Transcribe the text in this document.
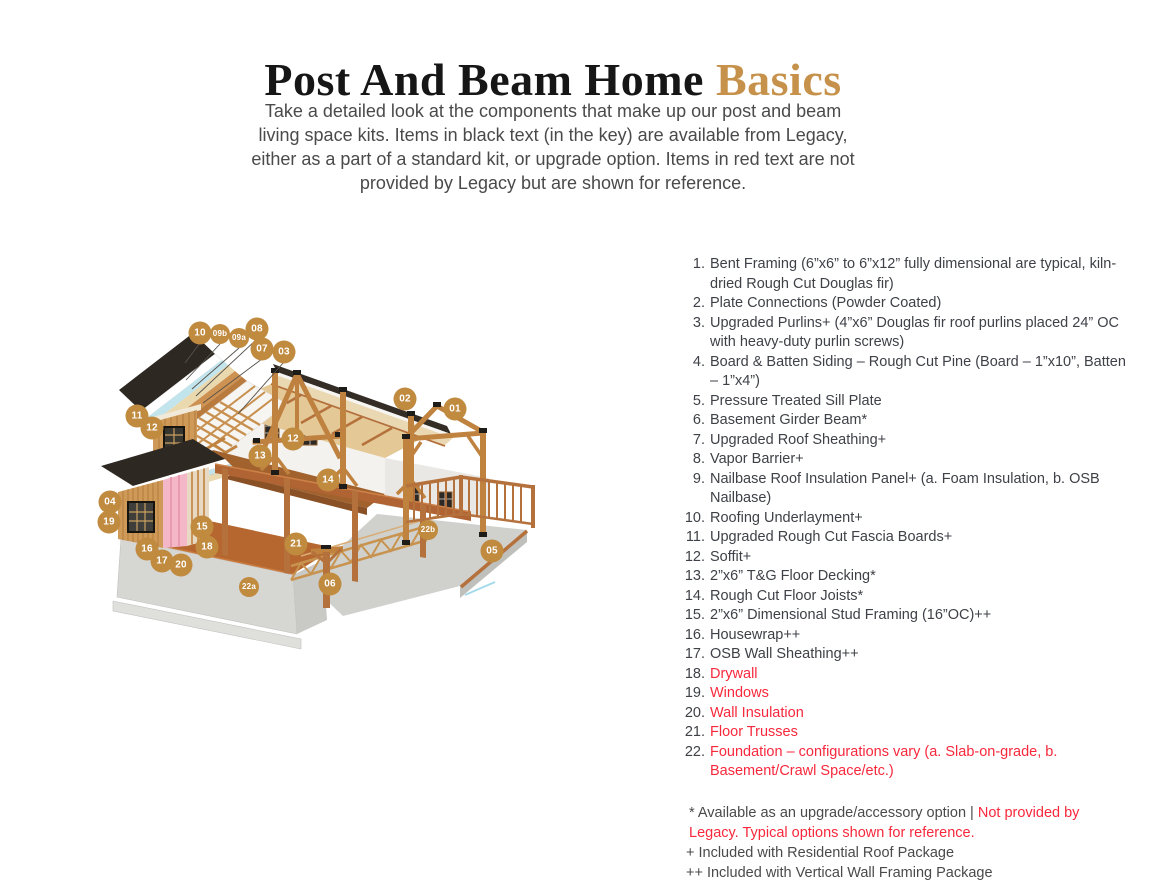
Post And Beam Home Basics

Take a detailed look at the components that make up our post and beam living space kits. Items in black text (in the key) are available from Legacy, either as a part of a standard kit, or upgrade option. Items in red text are not provided by Legacy but are shown for reference.

10 09b 09a
08
07	03
11
12
02
01
12
13
14
04
19	15
18
16
17 20
21
22a	06
22b
05
1. Bent Framing (6”x6” to 6”x12” fully dimensional are typical, kiln-dried Rough Cut Douglas fir)
2. Plate Connections (Powder Coated)
3. Upgraded Purlins+ (4”x6” Douglas fir roof purlins placed 24” OC with heavy-duty purlin screws)
4. Board & Batten Siding – Rough Cut Pine (Board – 1”x10”, Batten – 1”x4”)
5. Pressure Treated Sill Plate
6. Basement Girder Beam*
7. Upgraded Roof Sheathing+
8. Vapor Barrier+
9. Nailbase Roof Insulation Panel+ (a. Foam Insulation, b. OSB Nailbase)
10. Roofing Underlayment+
11. Upgraded Rough Cut Fascia Boards+
12. Soffit+
13. 2”x6” T&G Floor Decking*
14. Rough Cut Floor Joists*
15. 2”x6” Dimensional Stud Framing (16”OC)++
16. Housewrap++
17. OSB Wall Sheathing++
18. Drywall
19. Windows
20. Wall Insulation
21. Floor Trusses
22. Foundation – configurations vary (a. Slab-on-grade, b. Basement/Crawl Space/etc.)
* Available as an upgrade/accessory option | Not provided by Legacy. Typical options shown for reference.
+ Included with Residential Roof Package
++ Included with Vertical Wall Framing Package
